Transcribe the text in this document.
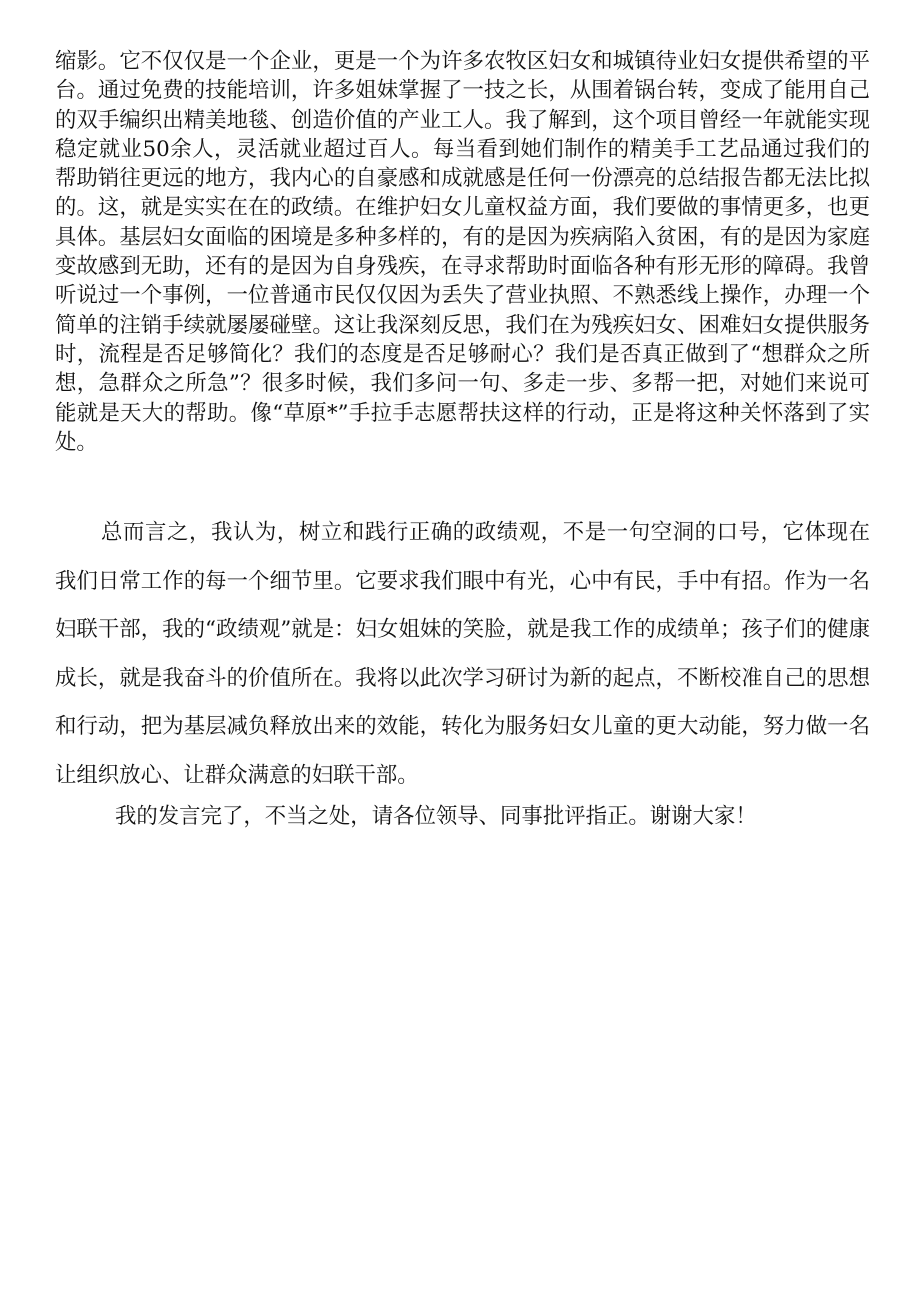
缩影。它不仅仅是一个企业，更是一个为许多农牧区妇女和城镇待业妇女提供希望的平台。通过免费的技能培训，许多姐妹掌握了一技之长，从围着锅台转，变成了能用自己的双手编织出精美地毯、创造价值的产业工人。我了解到，这个项目曾经一年就能实现稳定就业50余人，灵活就业超过百人。每当看到她们制作的精美手工艺品通过我们的帮助销往更远的地方，我内心的自豪感和成就感是任何一份漂亮的总结报告都无法比拟的。这，就是实实在在的政绩。在维护妇女儿童权益方面，我们要做的事情更多，也更具体。基层妇女面临的困境是多种多样的，有的是因为疾病陷入贫困，有的是因为家庭变故感到无助，还有的是因为自身残疾，在寻求帮助时面临各种有形无形的障碍。我曾听说过一个事例，一位普通市民仅仅因为丢失了营业执照、不熟悉线上操作，办理一个简单的注销手续就屡屡碰壁。这让我深刻反思，我们在为残疾妇女、困难妇女提供服务时，流程是否足够简化？我们的态度是否足够耐心？我们是否真正做到了“想群众之所想，急群众之所急”？很多时候，我们多问一句、多走一步、多帮一把，对她们来说可能就是天大的帮助。像“草原*”手拉手志愿帮扶这样的行动，正是将这种关怀落到了实处。

总而言之，我认为，树立和践行正确的政绩观，不是一句空洞的口号，它体现在我们日常工作的每一个细节里。它要求我们眼中有光，心中有民，手中有招。作为一名妇联干部，我的“政绩观”就是：妇女姐妹的笑脸，就是我工作的成绩单；孩子们的健康成长，就是我奋斗的价值所在。我将以此次学习研讨为新的起点，不断校准自己的思想和行动，把为基层减负释放出来的效能，转化为服务妇女儿童的更大动能，努力做一名让组织放心、让群众满意的妇联干部。

我的发言完了，不当之处，请各位领导、同事批评指正。谢谢大家！
